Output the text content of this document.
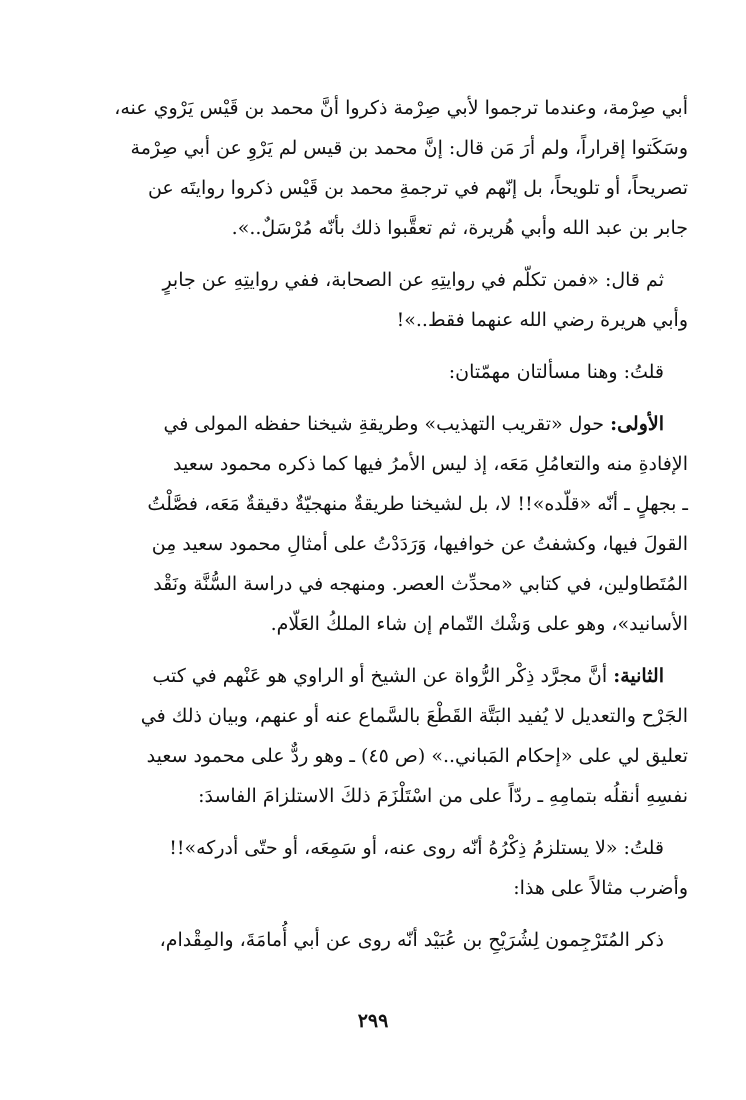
أبي صِرْمة، وعندما ترجموا لأبي صِرْمة ذكروا أنَّ محمد بن قَيْس يَرْوي عنه،
وسَكَتوا إقراراً، ولم أرَ مَن قال: إنَّ محمد بن قيس لم يَرْوِ عن أبي صِرْمة
تصريحاً، أو تلويحاً، بل إنّهم في ترجمةِ محمد بن قَيْس ذكروا روايتَه عن
جابر بن عبد الله وأبي هُريرة، ثم تعقَّبوا ذلك بأنّه مُرْسَلٌ..».

ثم قال: «فمن تكلّم في روايتِهِ عن الصحابة، ففي روايتِهِ عن جابرٍ
وأبي هريرة رضي الله عنهما فقط..»!

قلتُ: وهنا مسألتان مهمّتان:

الأولى: حول «تقريب التهذيب» وطريقةِ شيخنا حفظه المولى في
الإفادةِ منه والتعامُلِ مَعَه، إذ ليس الأمرُ فيها كما ذكره محمود سعيد
ـ بجهلٍ ـ أنّه «قلّده»!! لا، بل لشيخنا طريقةٌ منهجيّةٌ دقيقةٌ مَعَه، فصَّلْتُ
القولَ فيها، وكشفتُ عن خوافيها، وَرَدَدْتُ على أمثالِ محمود سعيد مِن
المُتَطاولين، في كتابي «محدِّث العصر. ومنهجه في دراسة السُّنَّة ونَقْد
الأسانيد»، وهو على وَشْك التّمام إن شاء الملكُ العَلّام.

الثانية: أنَّ مجرَّد ذِكْر الرُّواة عن الشيخ أو الراوي هو عَنْهم في كتب
الجَرْح والتعديل لا يُفيد البَتَّة القَطْعَ بالسَّماع عنه أو عنهم، وبيان ذلك في
تعليق لي على «إحكام المَباني..» (ص ٤٥) ـ وهو ردٌّ على محمود سعيد
نفسِهِ أنقلُه بتمامِهِ ـ ردّاً على من اسْتَلْزَمَ ذلكَ الاستلزامَ الفاسدَ:

قلتُ: «لا يستلزمُ ذِكْرُهُ أنّه روى عنه، أو سَمِعَه، أو حتّى أدركه»!!
وأضرب مثالاً على هذا:

ذكر المُتَرْجِمون لِشُرَيْحِ بن عُبَيْد أنّه روى عن أبي أُمامَةَ، والمِقْدام،

٢٩٩
